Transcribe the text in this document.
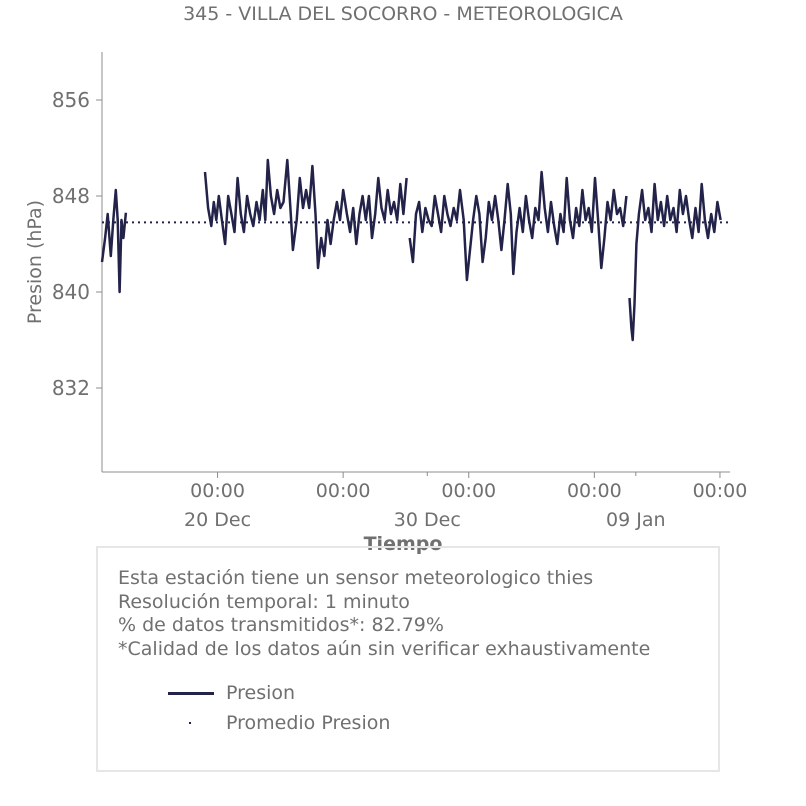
345 - VILLA DEL SOCORRO - METEOROLOGICA
832
840
848
856
00:00	00:00	00:00	00:00	00:00
20 Dec	30 Dec	09 Jan
Presion (hPa)
Tiempo
Esta estación tiene un sensor meteorologico thies
Resolución temporal: 1 minuto
% de datos transmitidos*: 82.79%
*Calidad de los datos aún sin verificar exhaustivamente
Presion
Promedio Presion
